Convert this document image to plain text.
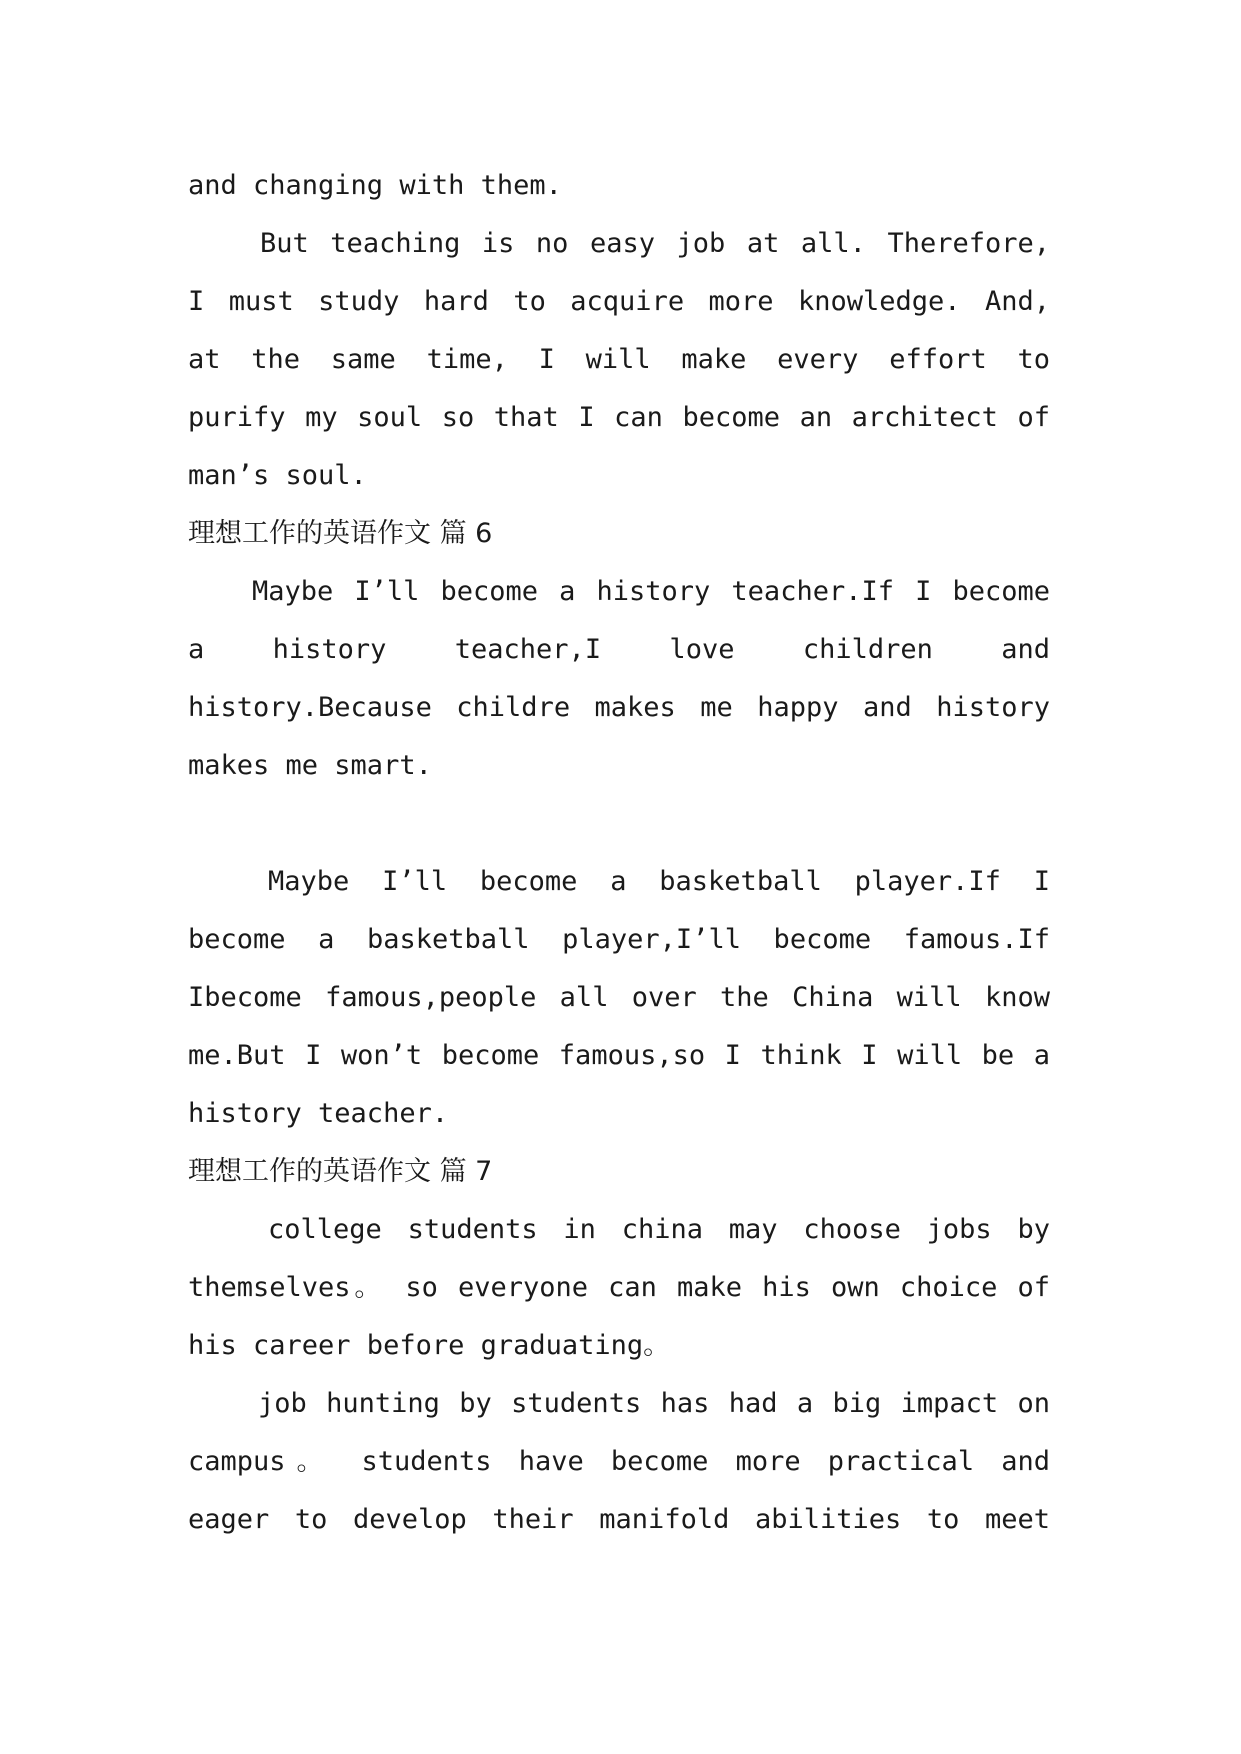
and changing with them.
But teaching is no easy job at all. Therefore,
I must study hard to acquire more knowledge. And,
at the same time, I will make every effort to
purify my soul so that I can become an architect of
man’s soul.
理想工作的英语作文 篇 6
Maybe I’ll become a history teacher.If I become
a history teacher,I love children and
history.Because childre makes me happy and history
makes me smart.
Maybe I’ll become a basketball player.If I
become a basketball player,I’ll become famous.If
Ibecome famous,people all over the China will know
me.But I won’t become famous,so I think I will be a
history teacher.
理想工作的英语作文 篇 7
college students in china may choose jobs by
themselves。 so everyone can make his own choice of
his career before graduating。
job hunting by students has had a big impact on
campus。 students have become more practical and
eager to develop their manifold abilities to meet
